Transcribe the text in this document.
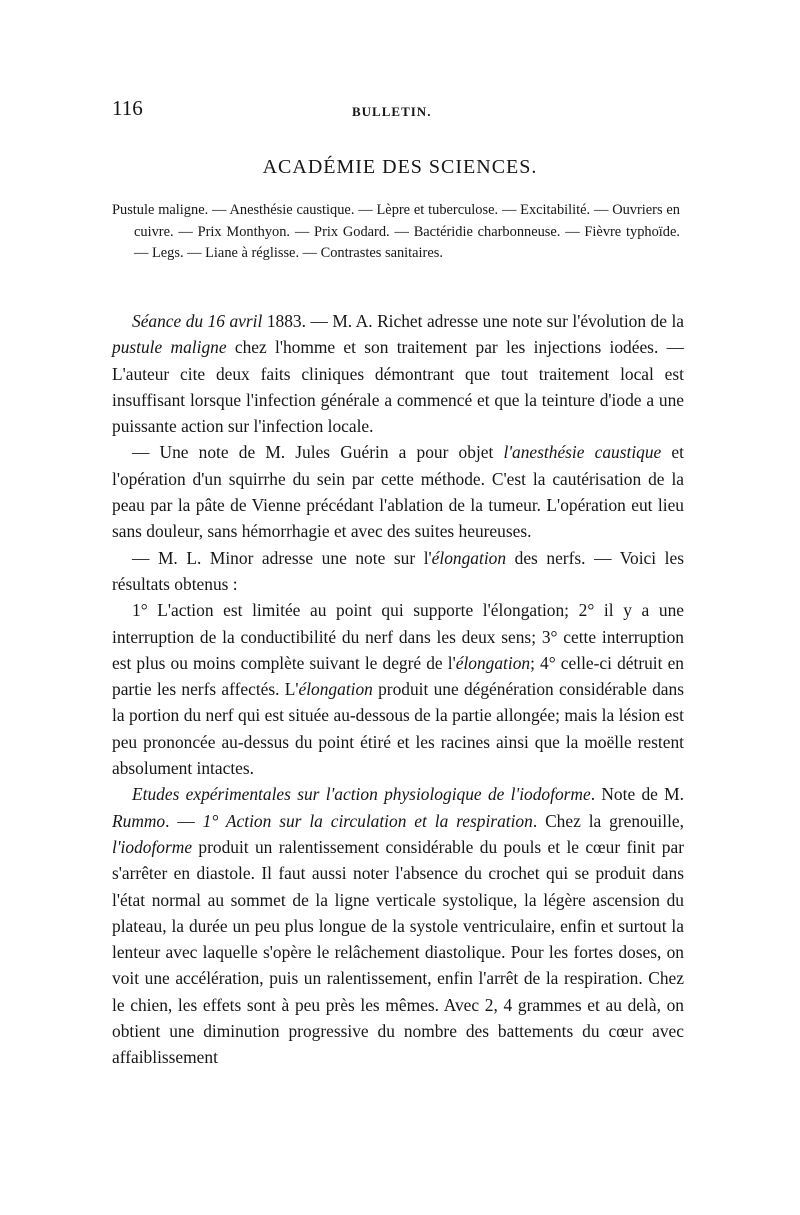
116	BULLETIN.
ACADÉMIE DES SCIENCES.
Pustule maligne. — Anesthésie caustique. — Lèpre et tuberculose. — Excitabilité. — Ouvriers en cuivre. — Prix Monthyon. — Prix Godard. — Bactéridie charbonneuse. — Fièvre typhoïde. — Legs. — Liane à réglisse. — Contrastes sanitaires.

Séance du 16 avril 1883. — M. A. Richet adresse une note sur l'évolution de la pustule maligne chez l'homme et son traitement par les injections iodées. — L'auteur cite deux faits cliniques démontrant que tout traitement local est insuffisant lorsque l'infection générale a commencé et que la teinture d'iode a une puissante action sur l'infection locale.

— Une note de M. Jules Guérin a pour objet l'anesthésie caustique et l'opération d'un squirrhe du sein par cette méthode. C'est la cautérisation de la peau par la pâte de Vienne précédant l'ablation de la tumeur. L'opération eut lieu sans douleur, sans hémorrhagie et avec des suites heureuses.

— M. L. Minor adresse une note sur l'élongation des nerfs. — Voici les résultats obtenus :

1° L'action est limitée au point qui supporte l'élongation; 2° il y a une interruption de la conductibilité du nerf dans les deux sens; 3° cette interruption est plus ou moins complète suivant le degré de l'élongation; 4° celle-ci détruit en partie les nerfs affectés. L'élongation produit une dégénération considérable dans la portion du nerf qui est située au-dessous de la partie allongée; mais la lésion est peu prononcée au-dessus du point étiré et les racines ainsi que la moëlle restent absolument intactes.

Etudes expérimentales sur l'action physiologique de l'iodoforme. Note de M. Rummo. — 1° Action sur la circulation et la respiration. Chez la grenouille, l'iodoforme produit un ralentissement considérable du pouls et le cœur finit par s'arrêter en diastole. Il faut aussi noter l'absence du crochet qui se produit dans l'état normal au sommet de la ligne verticale systolique, la légère ascension du plateau, la durée un peu plus longue de la systole ventriculaire, enfin et surtout la lenteur avec laquelle s'opère le relâchement diastolique. Pour les fortes doses, on voit une accélération, puis un ralentissement, enfin l'arrêt de la respiration. Chez le chien, les effets sont à peu près les mêmes. Avec 2, 4 grammes et au delà, on obtient une diminution progressive du nombre des battements du cœur avec affaiblissement
